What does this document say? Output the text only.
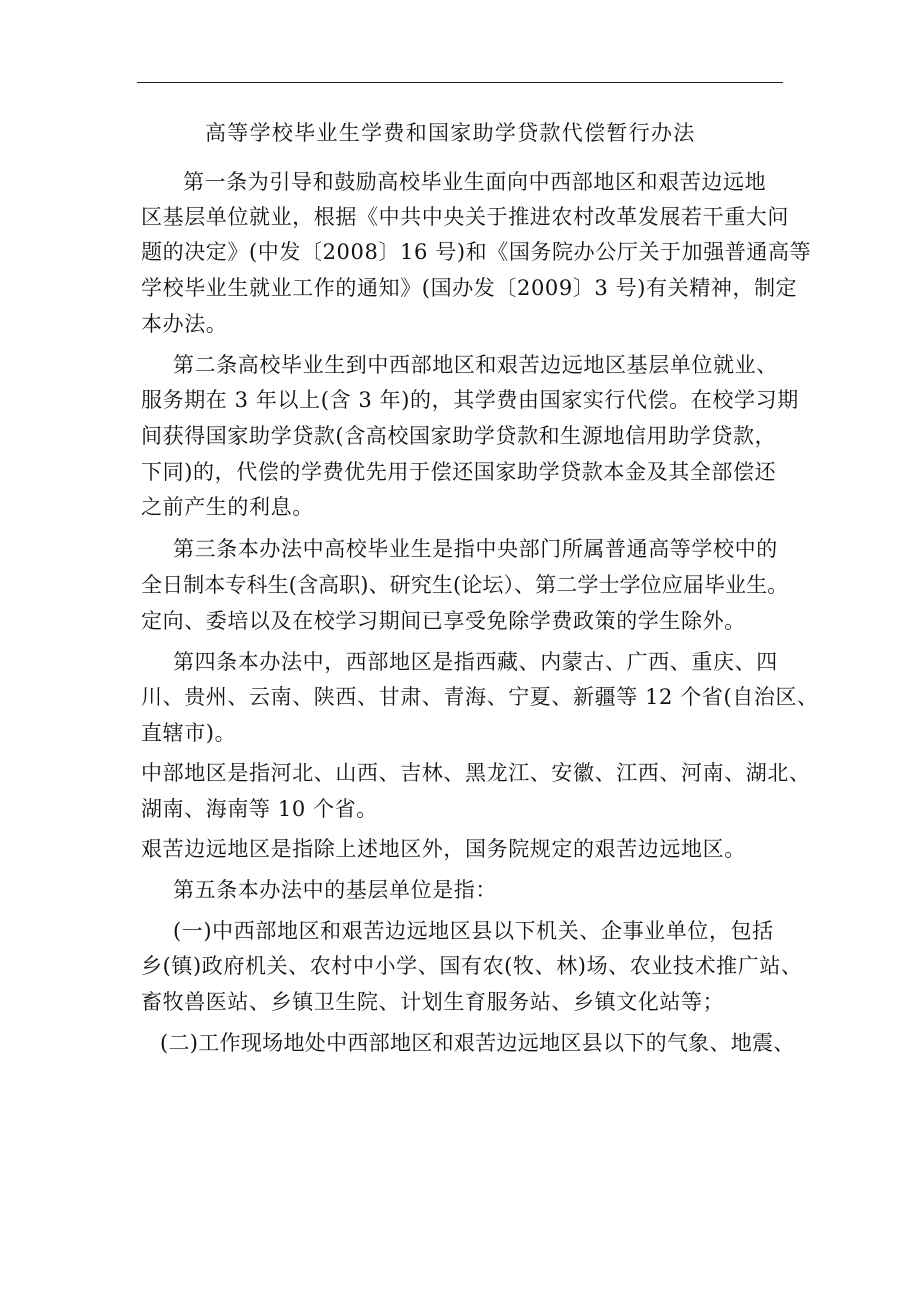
高等学校毕业生学费和国家助学贷款代偿暂行办法
第一条为引导和鼓励高校毕业生面向中西部地区和艰苦边远地
区基层单位就业，根据《中共中央关于推进农村改革发展若干重大问
题的决定》(中发〔2008〕16 号)和《国务院办公厅关于加强普通高等
学校毕业生就业工作的通知》(国办发〔2009〕3 号)有关精神，制定
本办法。
第二条高校毕业生到中西部地区和艰苦边远地区基层单位就业、
服务期在 3 年以上(含 3 年)的，其学费由国家实行代偿。在校学习期
间获得国家助学贷款(含高校国家助学贷款和生源地信用助学贷款，
下同)的，代偿的学费优先用于偿还国家助学贷款本金及其全部偿还
之前产生的利息。
第三条本办法中高校毕业生是指中央部门所属普通高等学校中的
全日制本专科生(含高职)、研究生(论坛）、第二学士学位应届毕业生。
定向、委培以及在校学习期间已享受免除学费政策的学生除外。
第四条本办法中，西部地区是指西藏、内蒙古、广西、重庆、四
川、贵州、云南、陕西、甘肃、青海、宁夏、新疆等 12 个省(自治区、
直辖市)。
中部地区是指河北、山西、吉林、黑龙江、安徽、江西、河南、湖北、
湖南、海南等 10 个省。
艰苦边远地区是指除上述地区外，国务院规定的艰苦边远地区。
第五条本办法中的基层单位是指：
(一)中西部地区和艰苦边远地区县以下机关、企事业单位，包括
乡(镇)政府机关、农村中小学、国有农(牧、林)场、农业技术推广站、
畜牧兽医站、乡镇卫生院、计划生育服务站、乡镇文化站等；
(二)工作现场地处中西部地区和艰苦边远地区县以下的气象、地震、
